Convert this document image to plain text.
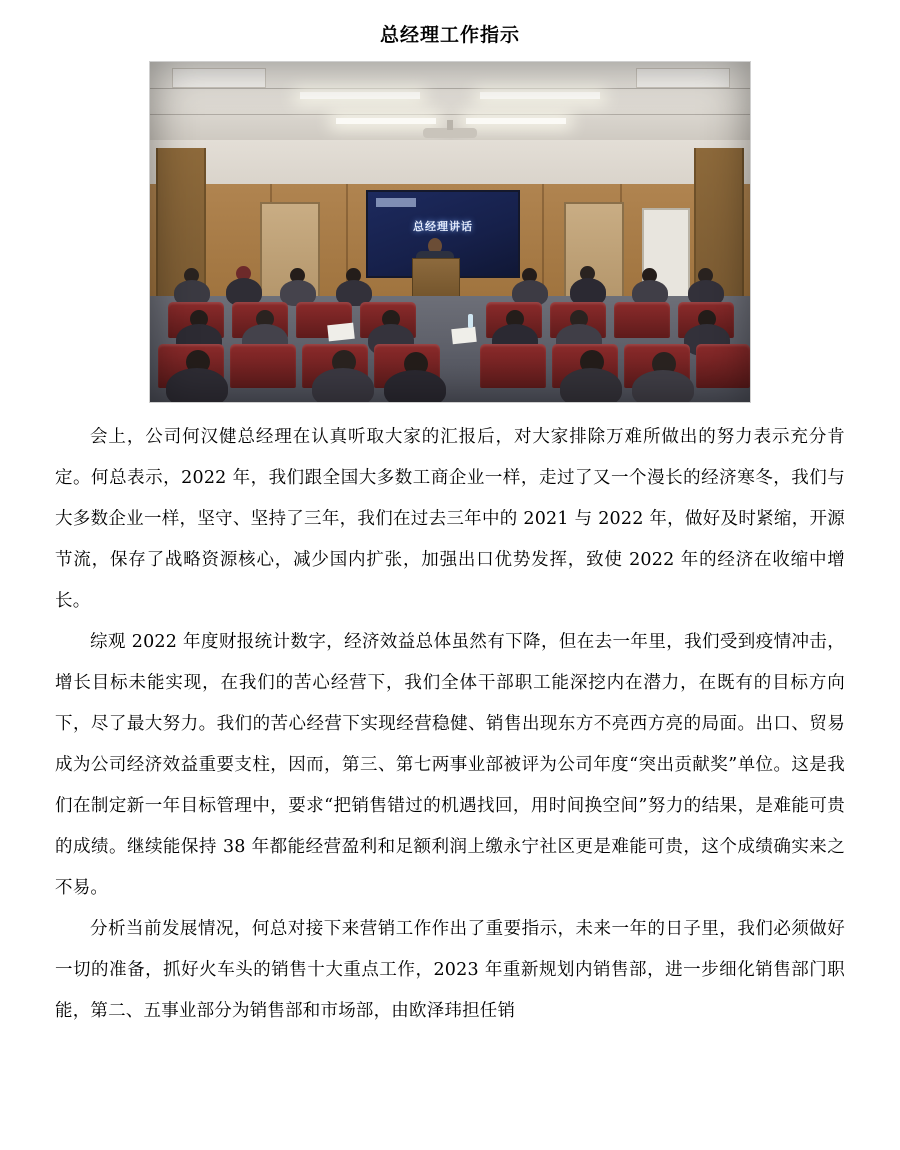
总经理工作指示
总经理讲话

会上，公司何汉健总经理在认真听取大家的汇报后，对大家排除万难所做出的努力表示充分肯定。何总表示，2022 年，我们跟全国大多数工商企业一样，走过了又一个漫长的经济寒冬，我们与大多数企业一样，坚守、坚持了三年，我们在过去三年中的 2021 与 2022 年，做好及时紧缩，开源节流，保存了战略资源核心，减少国内扩张，加强出口优势发挥，致使 2022 年的经济在收缩中增长。

综观 2022 年度财报统计数字，经济效益总体虽然有下降，但在去一年里，我们受到疫情冲击，增长目标未能实现，在我们的苦心经营下，我们全体干部职工能深挖内在潜力，在既有的目标方向下，尽了最大努力。我们的苦心经营下实现经营稳健、销售出现东方不亮西方亮的局面。出口、贸易成为公司经济效益重要支柱，因而，第三、第七两事业部被评为公司年度“突出贡献奖”单位。这是我们在制定新一年目标管理中，要求“把销售错过的机遇找回，用时间换空间”努力的结果，是难能可贵的成绩。继续能保持 38 年都能经营盈利和足额利润上缴永宁社区更是难能可贵，这个成绩确实来之不易。

分析当前发展情况，何总对接下来营销工作作出了重要指示，未来一年的日子里，我们必须做好一切的准备，抓好火车头的销售十大重点工作，2023 年重新规划内销售部，进一步细化销售部门职能，第二、五事业部分为销售部和市场部，由欧泽玮担任销
